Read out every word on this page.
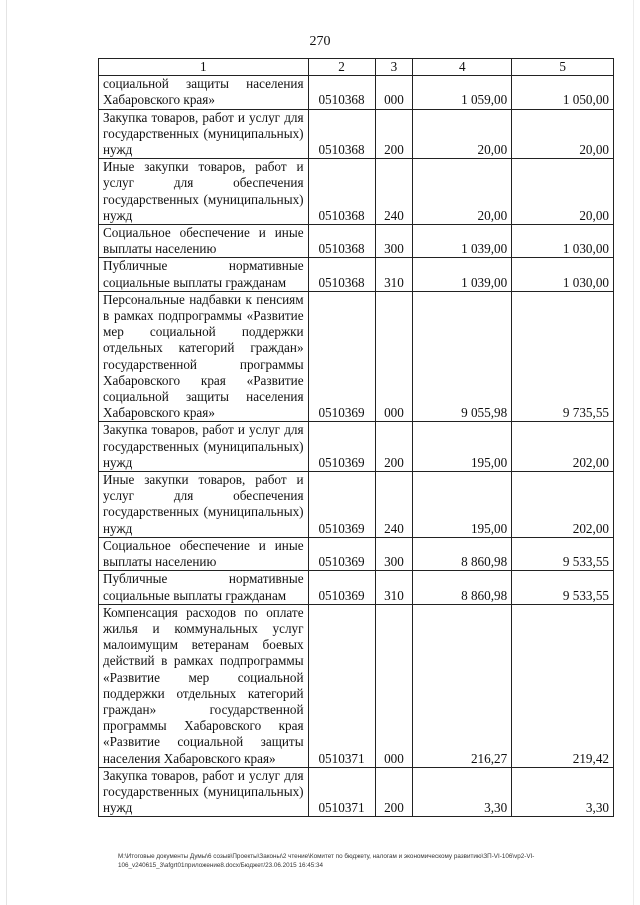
270
1	2	3	4	5
социальной защиты населения Хабаровского края»	0510368	000	1 059,00	1 050,00
Закупка товаров, работ и услуг для государственных (муниципальных) нужд	0510368	200	20,00	20,00
Иные закупки товаров, работ и услуг для обеспечения государственных (муниципальных) нужд	0510368	240	20,00	20,00
Социальное обеспечение и иные выплаты населению	0510368	300	1 039,00	1 030,00
Публичные нормативные социальные выплаты гражданам	0510368	310	1 039,00	1 030,00
Персональные надбавки к пенсиям в рамках подпрограммы «Развитие мер социальной поддержки отдельных категорий граждан» государственной программы Хабаровского края «Развитие социальной защиты населения Хабаровского края»	0510369	000	9 055,98	9 735,55
Закупка товаров, работ и услуг для государственных (муниципальных) нужд	0510369	200	195,00	202,00
Иные закупки товаров, работ и услуг для обеспечения государственных (муниципальных) нужд	0510369	240	195,00	202,00
Социальное обеспечение и иные выплаты населению	0510369	300	8 860,98	9 533,55
Публичные нормативные социальные выплаты гражданам	0510369	310	8 860,98	9 533,55
Компенсация расходов по оплате жилья и коммунальных услуг малоимущим ветеранам боевых действий в рамках подпрограммы «Развитие мер социальной поддержки отдельных категорий граждан» государственной программы Хабаровского края «Развитие социальной защиты населения Хабаровского края»	0510371	000	216,27	219,42
Закупка товаров, работ и услуг для государственных (муниципальных) нужд	0510371	200	3,30	3,30
M:\Итоговые документы Думы\6 созыв\Проекты\Законы\2 чтение\Комитет по бюджету, налогам и экономическому развитию\ЗП-VI-106\vp2-VI-
106_v240615_3\afgrt01приложение8.docx/Бюджет/23.06.2015 16:45:34
